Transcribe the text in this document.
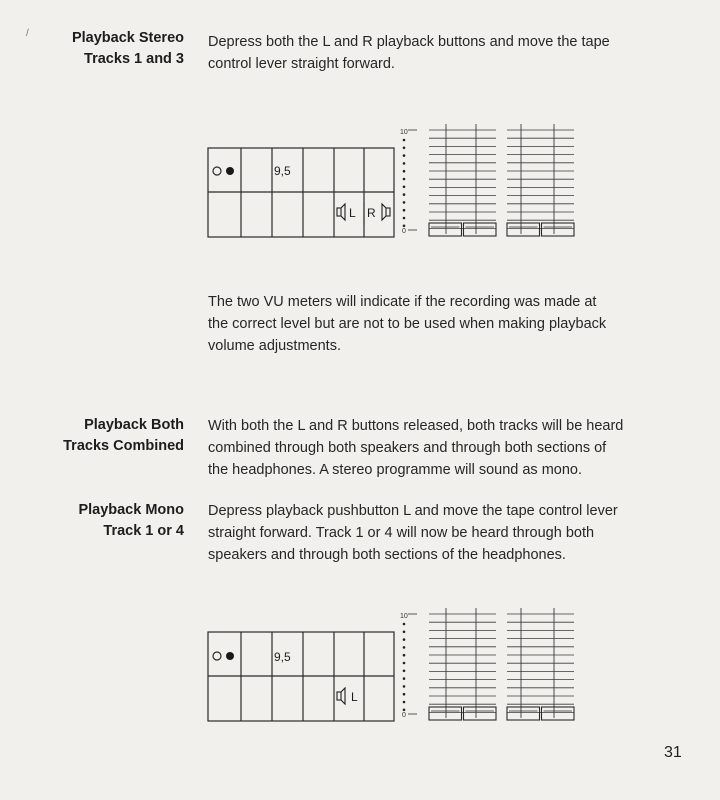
/	Playback Stereo
Tracks 1 and 3
Depress both the L and R playback buttons and move the tape
control lever straight forward.
9,5
L R
10
0
The two VU meters will indicate if the recording was made at
the correct level but are not to be used when making playback
volume adjustments.
Playback Both
Tracks Combined
With both the L and R buttons released, both tracks will be heard
combined through both speakers and through both sections of
the headphones. A stereo programme will sound as mono.
Playback Mono
Track 1 or 4
Depress playback pushbutton L and move the tape control lever
straight forward. Track 1 or 4 will now be heard through both
speakers and through both sections of the headphones.
9,5
L
10
0
31
